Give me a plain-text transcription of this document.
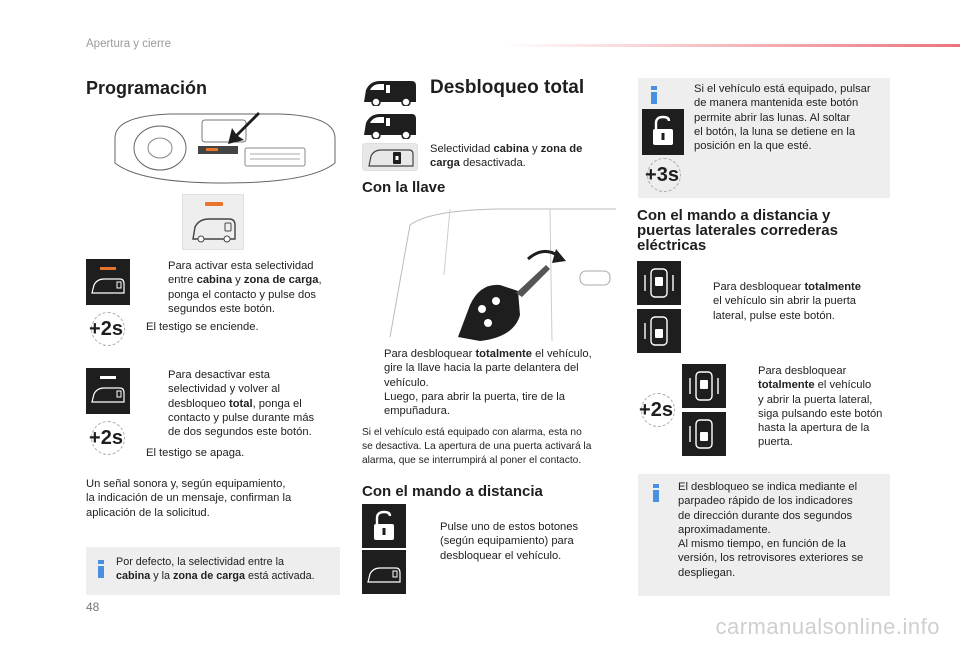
Apertura y cierre
Programación
+2s
Para activar esta selectividad
entre cabina y zona de carga,
ponga el contacto y pulse dos
segundos este botón.
El testigo se enciende.
+2s
Para desactivar esta
selectividad y volver al
desbloqueo total, ponga el
contacto y pulse durante más
de dos segundos este botón.
El testigo se apaga.
Un señal sonora y, según equipamiento,
la indicación de un mensaje, confirman la
aplicación de la solicitud.
Por defecto, la selectividad entre la
cabina y la zona de carga está activada.
Desbloqueo total
Selectividad cabina y zona de
carga desactivada.
Con la llave
Para desbloquear totalmente el vehículo,
gire la llave hacia la parte delantera del
vehículo.
Luego, para abrir la puerta, tire de la
empuñadura.
Si el vehículo está equipado con alarma, esta no
se desactiva. La apertura de una puerta activará la
alarma, que se interrumpirá al poner el contacto.
Con el mando a distancia
Pulse uno de estos botones
(según equipamiento) para
desbloquear el vehículo.
+3s
Si el vehículo está equipado, pulsar
de manera mantenida este botón
permite abrir las lunas. Al soltar
el botón, la luna se detiene en la
posición en la que esté.
Con el mando a distancia y
puertas laterales correderas
eléctricas
Para desbloquear totalmente
el vehículo sin abrir la puerta
lateral, pulse este botón.
+2s
Para desbloquear
totalmente el vehículo
y abrir la puerta lateral,
siga pulsando este botón
hasta la apertura de la
puerta.
El desbloqueo se indica mediante el
parpadeo rápido de los indicadores
de dirección durante dos segundos
aproximadamente.
Al mismo tiempo, en función de la
versión, los retrovisores exteriores se
despliegan.
48
carmanualsonline.info
